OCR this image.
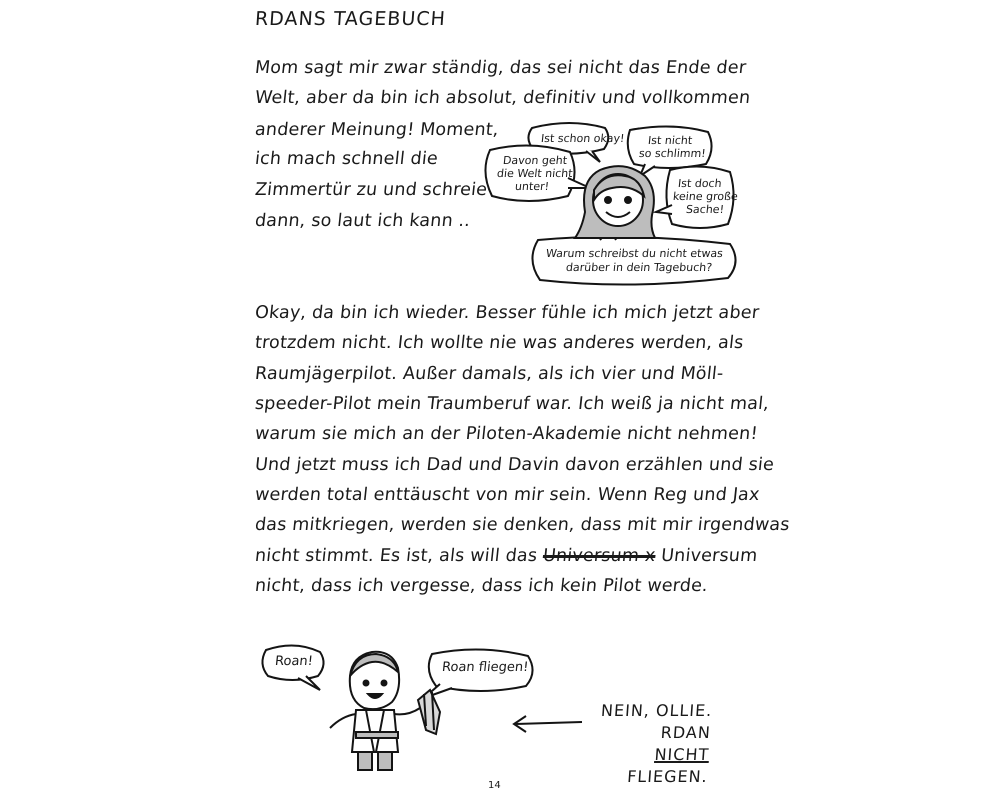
RDANS TAGEBUCH
Mom sagt mir zwar ständig, das sei nicht das Ende der
Welt, aber da bin ich absolut, definitiv und vollkommen
anderer Meinung! Moment,
ich mach schnell die
Zimmertür zu und schreie
dann, so laut ich kann ..
Ist schon okay! Ist nicht
so schlimm!
Davon geht
die Welt nicht
unter!	Ist doch
keine große
Sache!
Warum schreibst du nicht etwas
darüber in dein Tagebuch?
Okay, da bin ich wieder. Besser fühle ich mich jetzt aber
trotzdem nicht. Ich wollte nie was anderes werden, als
Raumjägerpilot. Außer damals, als ich vier und Möll-
speeder-Pilot mein Traumberuf war. Ich weiß ja nicht mal,
warum sie mich an der Piloten-Akademie nicht nehmen!
Und jetzt muss ich Dad und Davin davon erzählen und sie
werden total enttäuscht von mir sein. Wenn Reg und Jax
das mitkriegen, werden sie denken, dass mit mir irgendwas
nicht stimmt. Es ist, als will das Universum x Universum
nicht, dass ich vergesse, dass ich kein Pilot werde.
Roan!	Roan fliegen!
NEIN, OLLIE.
RDAN
NICHT FLIEGEN.
14
